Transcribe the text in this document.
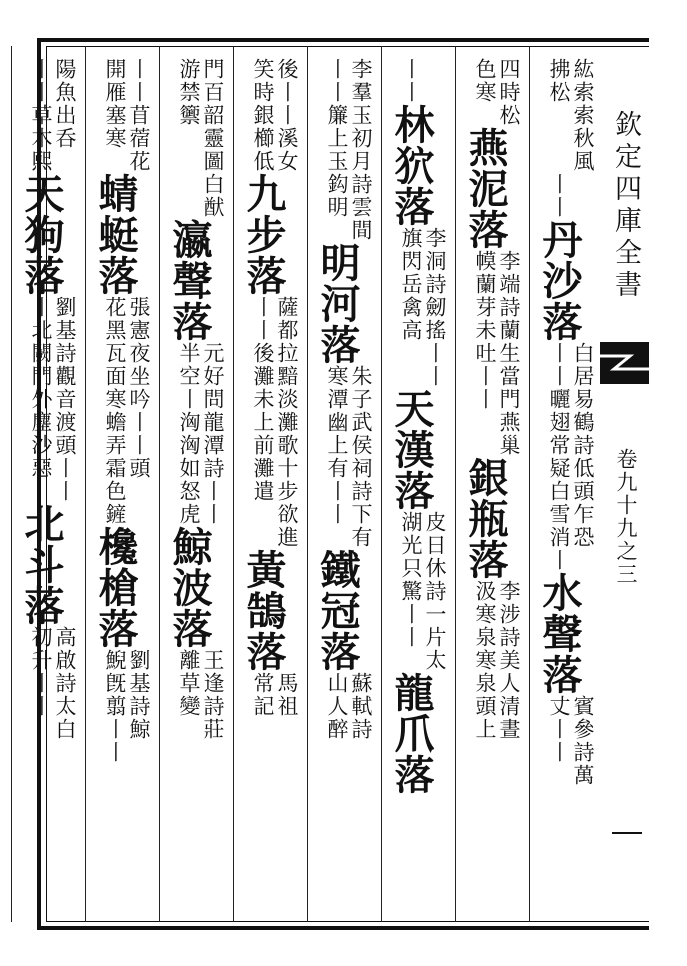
欽定四庫全書
卷九十九之三
紘索索秋風
拂松
丨丨
丹沙落
白居易鶴詩低頭乍恐
丨丨曬翅常疑白雪消
丨
水聲落
賓參詩萬
丈丨丨
四時松
色寒
燕泥落
李端詩蘭生當門燕巢
幙蘭芽未吐丨丨
銀瓶落
李涉詩美人清晝
汲寒泉寒泉頭上
丨丨
林狖落
李洞詩劒搖丨丨
旗閃岳禽高
天漢落
皮日休詩一片太
湖光只驚丨丨
龍爪落
李羣玉初月詩雲間
丨丨簾上玉鈎明
明河落
朱子武侯祠詩下有
寒潭幽上有丨丨
鐵冠落
蘇軾詩
山人醉
後丨丨溪女
笑時銀櫛低
九步落
薩都拉黯淡灘歌十步欲進
丨丨後灘未上前灘遣
黃鵠落
馬祖
常記
門百韶靈圖白猷
游禁籞
瀛聲落
元好問龍潭詩丨丨
半空丨洶洶如怒虎
鯨波落
王逢詩莊
離草變
丨丨苜蓿花
開雁塞寒
蜻蜓落
張憲夜坐吟丨丨頭
花黑瓦面寒蟾弄霜色
鏟
欃槍落
劉基詩鯨
鯢旣翦丨丨
陽魚出呑
丨丨草木熙
天狗落
劉基詩觀音渡頭丨丨
丨北闕門外塵沙惡
北斗落
高啟詩太白
初升丨丨
